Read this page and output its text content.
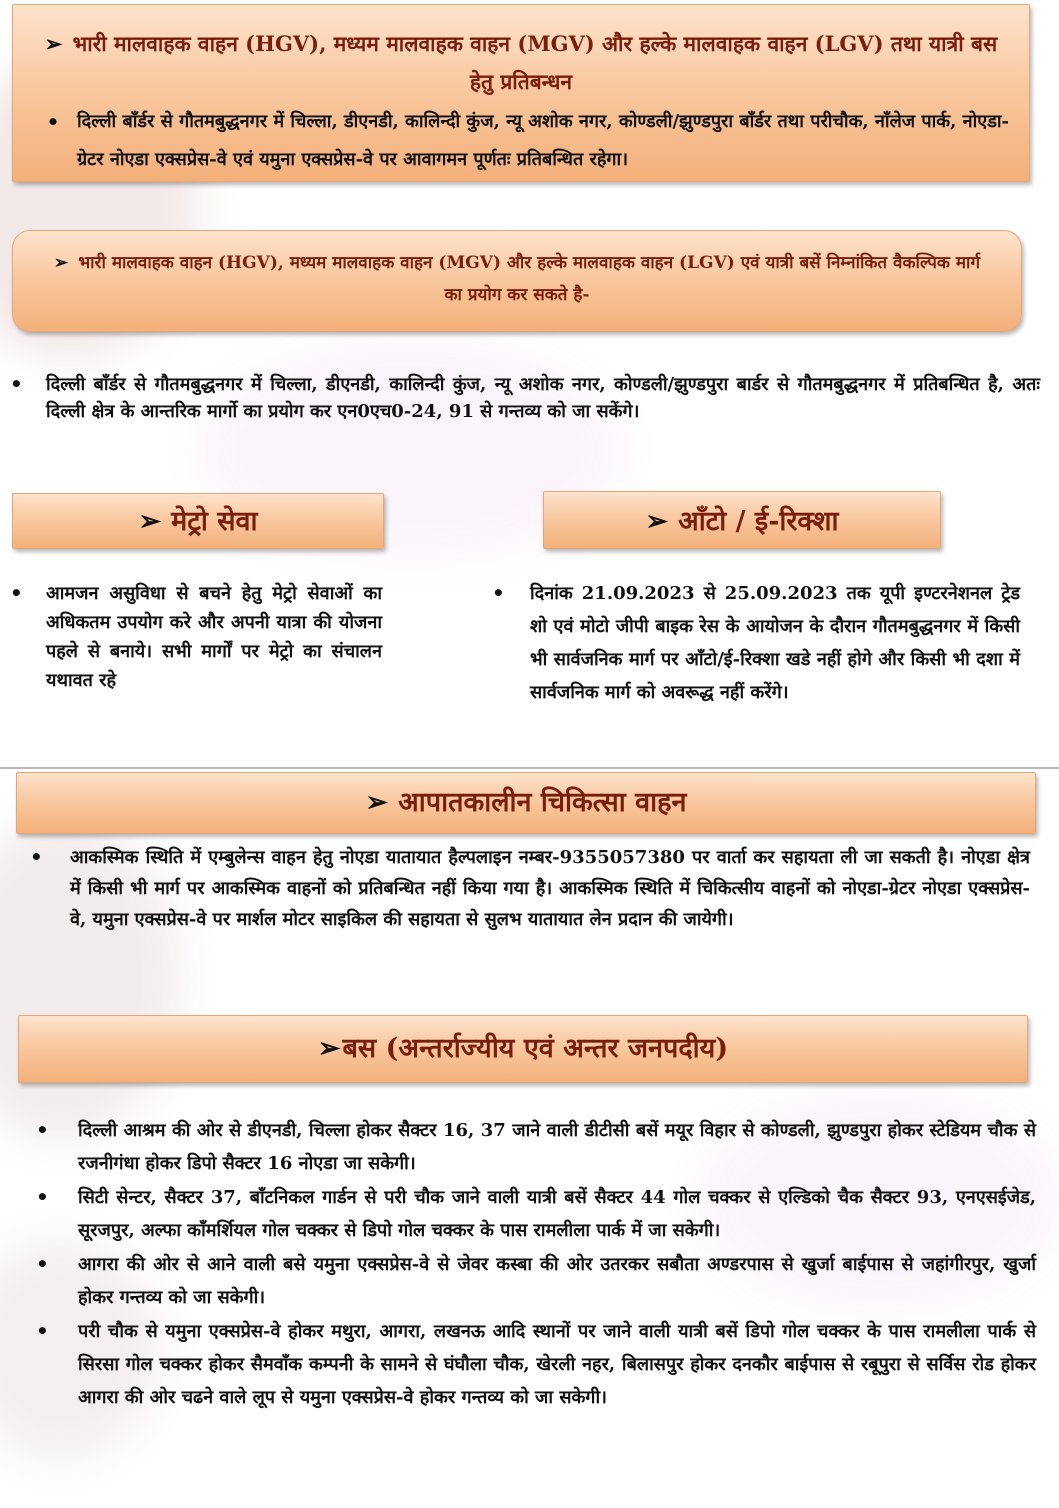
➢ भारी मालवाहक वाहन (HGV), मध्यम मालवाहक वाहन (MGV) और हल्के मालवाहक वाहन (LGV) तथा यात्री बस हेतु प्रतिबन्धन
• दिल्ली बाँर्डर से गौतमबुद्धनगर में चिल्ला, डीएनडी, कालिन्दी कुंज, न्यू अशोक नगर, कोण्डली/झुण्डपुरा बाँर्डर तथा परीचौक, नाँलेज पार्क, नोएडा-ग्रेटर नोएडा एक्सप्रेस-वे एवं यमुना एक्सप्रेस-वे पर आवागमन पूर्णतः प्रतिबन्धित रहेगा।
➢ भारी मालवाहक वाहन (HGV), मध्यम मालवाहक वाहन (MGV) और हल्के मालवाहक वाहन (LGV) एवं यात्री बसें निम्नांकित वैकल्पिक मार्ग का प्रयोग कर सकते है-
•	दिल्ली बाँर्डर से गौतमबुद्धनगर में चिल्ला, डीएनडी, कालिन्दी कुंज, न्यू अशोक नगर, कोण्डली/झुण्डपुरा बार्डर से गौतमबुद्धनगर में प्रतिबन्धित है, अतः दिल्ली क्षेत्र के आन्तरिक मार्गो का प्रयोग कर एन0एच0-24, 91 से गन्तव्य को जा सकेंगे।
➢ मेट्रो सेवा
•	आमजन असुविधा से बचने हेतु मेट्रो सेवाओं का अधिकतम उपयोग करे और अपनी यात्रा की योजना पहले से बनाये। सभी मार्गों पर मेट्रो का संचालन यथावत रहे
➢ आँटो / ई-रिक्शा
•	दिनांक 21.09.2023 से 25.09.2023 तक यूपी इण्टरनेशनल ट्रेड शो एवं मोटो जीपी बाइक रेस के आयोजन के दौरान गौतमबुद्धनगर में किसी भी सार्वजनिक मार्ग पर आँटो/ई-रिक्शा खडे नहीं होगे और किसी भी दशा में सार्वजनिक मार्ग को अवरूद्ध नहीं करेंगे।
➢ आपातकालीन चिकित्सा वाहन
•	आकस्मिक स्थिति में एम्बुलेन्स वाहन हेतु नोएडा यातायात हैल्पलाइन नम्बर-9355057380 पर वार्ता कर सहायता ली जा सकती है। नोएडा क्षेत्र में किसी भी मार्ग पर आकस्मिक वाहनों को प्रतिबन्धित नहीं किया गया है। आकस्मिक स्थिति में चिकित्सीय वाहनों को नोएडा-ग्रेटर नोएडा एक्सप्रेस-वे, यमुना एक्सप्रेस-वे पर मार्शल मोटर साइकिल की सहायता से सुलभ यातायात लेन प्रदान की जायेगी।
➢बस (अन्तर्राज्यीय एवं अन्तर जनपदीय)
•	दिल्ली आश्रम की ओर से डीएनडी, चिल्ला होकर सैक्टर 16, 37 जाने वाली डीटीसी बसें मयूर विहार से कोण्डली, झुण्डपुरा होकर स्टेडियम चौक से रजनीगंधा होकर डिपो सैक्टर 16 नोएडा जा सकेगी।
•	सिटी सेन्टर, सैक्टर 37, बाँटनिकल गार्डन से परी चौक जाने वाली यात्री बसें सैक्टर 44 गोल चक्कर से एल्डिको चैक सैक्टर 93, एनएसईजेड, सूरजपुर, अल्फा काँमर्शियल गोल चक्कर से डिपो गोल चक्कर के पास रामलीला पार्क में जा सकेगी।
•	आगरा की ओर से आने वाली बसे यमुना एक्सप्रेस-वे से जेवर कस्बा की ओर उतरकर सबौता अण्डरपास से खुर्जा बाईपास से जहांगीरपुर, खुर्जा होकर गन्तव्य को जा सकेगी।
•	परी चौक से यमुना एक्सप्रेस-वे होकर मथुरा, आगरा, लखनऊ आदि स्थानों पर जाने वाली यात्री बसें डिपो गोल चक्कर के पास रामलीला पार्क से सिरसा गोल चक्कर होकर सैमवाँक कम्पनी के सामने से घंघौला चौक, खेरली नहर, बिलासपुर होकर दनकौर बाईपास से रबूपुरा से सर्विस रोड होकर आगरा की ओर चढने वाले लूप से यमुना एक्सप्रेस-वे होकर गन्तव्य को जा सकेगी।
